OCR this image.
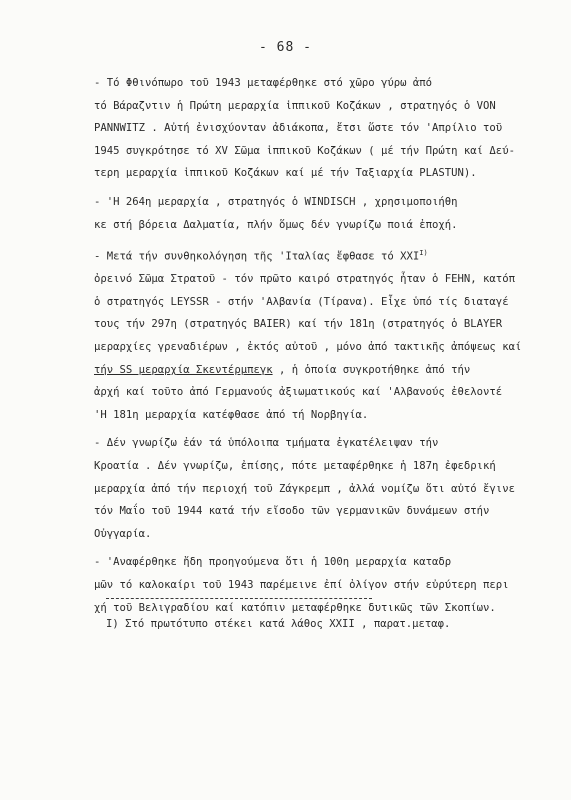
- 68 -
- Τό Φθινόπωρο τοῦ 1943 μεταφέρθηκε στό χῶρο γύρω ἀπό
τό Βάραζντιν ἡ Πρώτη μεραρχία ἱππικοῦ Κοζάκων , στρατηγός ὁ VON
PANNWITZ . Αὐτή ἐνισχύονταν ἀδιάκοπα, ἔτσι ὥστε τόν 'Απρίλιο τοῦ
1945 συγκρότησε τό XV Σῶμα ἱππικοῦ Κοζάκων ( μέ τήν Πρώτη καί Δεύ-
τερη μεραρχία ἱππικοῦ Κοζάκων καί μέ τήν Ταξιαρχία PLASTUN).
- 'Η 264η μεραρχία , στρατηγός ὁ WINDISCH , χρησιμοποιήθη
κε στή βόρεια Δαλματία, πλήν ὅμως δέν γνωρίζω ποιά ἐποχή.
- Μετά τήν συνθηκολόγηση τῆς 'Ιταλίας ἔφθασε τό $XXI^{I)}$
ὀρεινό Σῶμα Στρατοῦ - τόν πρῶτο καιρό στρατηγός ἦταν ὁ FEHN, κατόπ
ὁ στρατηγός LEYSSR - στήν 'Αλβανία (Τίρανα). Εἶχε ὑπό τίς διαταγέ
τους τήν 297η (στρατηγός BAIER) καί τήν 181η (στρατηγός ὁ BLAYER
μεραρχίες γρεναδιέρων , ἐκτός αὐτοῦ , μόνο ἀπό τακτικῆς ἀπόψεως καί
τήν SS μεραρχία Σκεντέρμπεγκ , ἡ ὁποία συγκροτήθηκε ἀπό τήν
ἀρχή καί τοῦτο ἀπό Γερμανούς ἀξιωματικούς καί 'Αλβανούς ἐθελοντέ
'Η 181η μεραρχία κατέφθασε ἀπό τή Νορβηγία.
- Δέν γνωρίζω ἐάν τά ὑπόλοιπα τμήματα ἐγκατέλειψαν τήν
Κροατία . Δέν γνωρίζω, ἐπίσης, πότε μεταφέρθηκε ἡ 187η ἐφεδρική
μεραρχία ἀπό τήν περιοχή τοῦ Ζάγκρεμπ , ἀλλά νομίζω ὅτι αὐτό ἔγινε
τόν Μαΐο τοῦ 1944 κατά τήν εἴσοδο τῶν γερμανικῶν δυνάμεων στήν
Οὐγγαρία.
- 'Αναφέρθηκε ἤδη προηγούμενα ὅτι ἡ 100η μεραρχία καταδρ
μῶν τό καλοκαίρι τοῦ 1943 παρέμεινε ἐπί ὀλίγον στήν εὐρύτερη περι
χή τοῦ Βελιγραδίου καί κατόπιν μεταφέρθηκε δυτικῶς τῶν Σκοπίων.
I) Στό πρωτότυπο στέκει κατά λάθος XXII , παρατ.μεταφ.
